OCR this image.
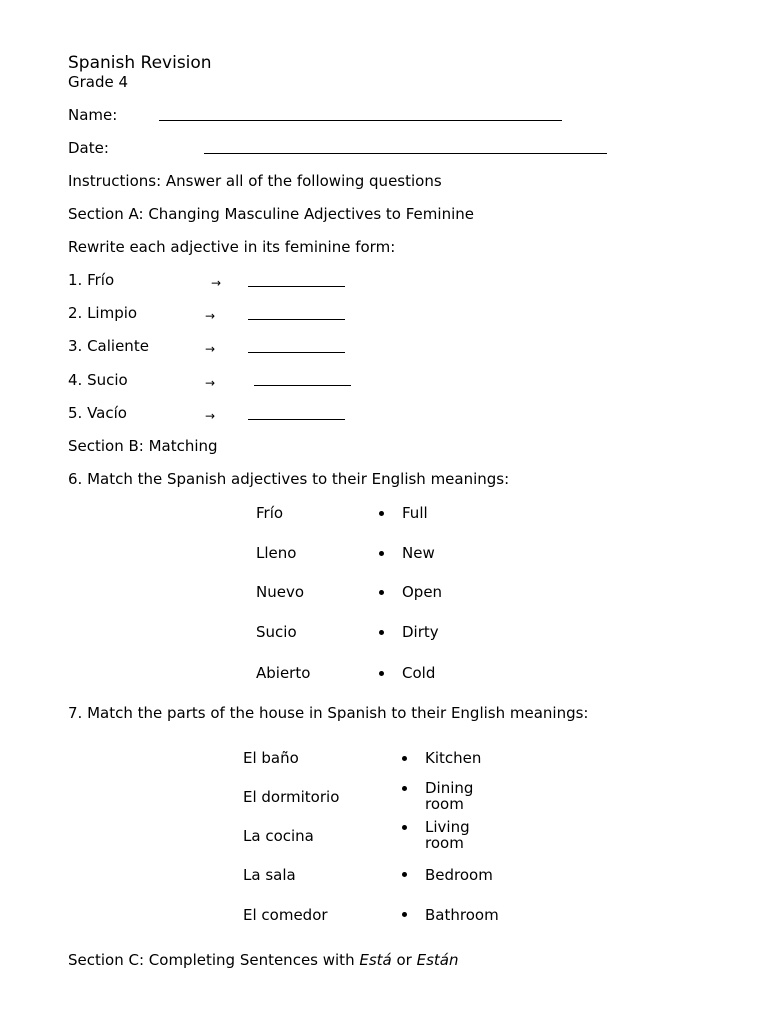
Spanish Revision
Grade 4
Name:
Date:
Instructions: Answer all of the following questions
Section A: Changing Masculine Adjectives to Feminine
Rewrite each adjective in its feminine form:
1. Frío	→
2. Limpio	→
3. Caliente	→
4. Sucio	→
5. Vacío	→
Section B: Matching
6. Match the Spanish adjectives to their English meanings:
Frío	Full
Lleno	New
Nuevo	Open
Sucio	Dirty
Abierto	Cold
7. Match the parts of the house in Spanish to their English meanings:
El baño	Kitchen
El dormitorio	Dining room
La cocina	Living room
La sala	Bedroom
El comedor	Bathroom
Section C: Completing Sentences with Está or Están
